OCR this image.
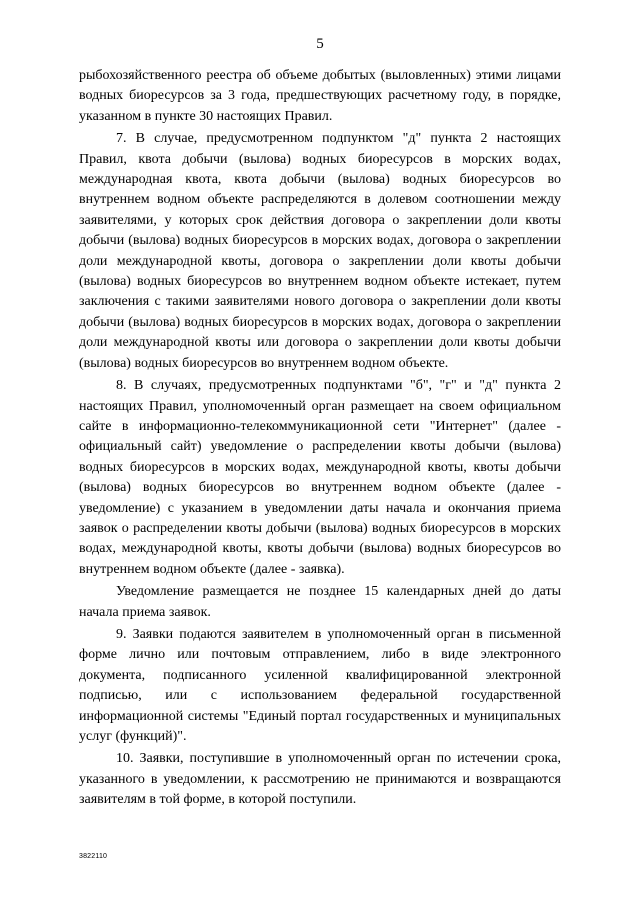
5

рыбохозяйственного реестра об объеме добытых (выловленных) этими лицами водных биоресурсов за 3 года, предшествующих расчетному году, в порядке, указанном в пункте 30 настоящих Правил.

7. В случае, предусмотренном подпунктом "д" пункта 2 настоящих Правил, квота добычи (вылова) водных биоресурсов в морских водах, международная квота, квота добычи (вылова) водных биоресурсов во внутреннем водном объекте распределяются в долевом соотношении между заявителями, у которых срок действия договора о закреплении доли квоты добычи (вылова) водных биоресурсов в морских водах, договора о закреплении доли международной квоты, договора о закреплении доли квоты добычи (вылова) водных биоресурсов во внутреннем водном объекте истекает, путем заключения с такими заявителями нового договора о закреплении доли квоты добычи (вылова) водных биоресурсов в морских водах, договора о закреплении доли международной квоты или договора о закреплении доли квоты добычи (вылова) водных биоресурсов во внутреннем водном объекте.

8. В случаях, предусмотренных подпунктами "б", "г" и "д" пункта 2 настоящих Правил, уполномоченный орган размещает на своем официальном сайте в информационно-телекоммуникационной сети "Интернет" (далее - официальный сайт) уведомление о распределении квоты добычи (вылова) водных биоресурсов в морских водах, международной квоты, квоты добычи (вылова) водных биоресурсов во внутреннем водном объекте (далее - уведомление) с указанием в уведомлении даты начала и окончания приема заявок о распределении квоты добычи (вылова) водных биоресурсов в морских водах, международной квоты, квоты добычи (вылова) водных биоресурсов во внутреннем водном объекте (далее - заявка).

Уведомление размещается не позднее 15 календарных дней до даты начала приема заявок.

9. Заявки подаются заявителем в уполномоченный орган в письменной форме лично или почтовым отправлением, либо в виде электронного документа, подписанного усиленной квалифицированной электронной подписью, или с использованием федеральной государственной информационной системы "Единый портал государственных и муниципальных услуг (функций)".

10. Заявки, поступившие в уполномоченный орган по истечении срока, указанного в уведомлении, к рассмотрению не принимаются и возвращаются заявителям в той форме, в которой поступили.

3822110
